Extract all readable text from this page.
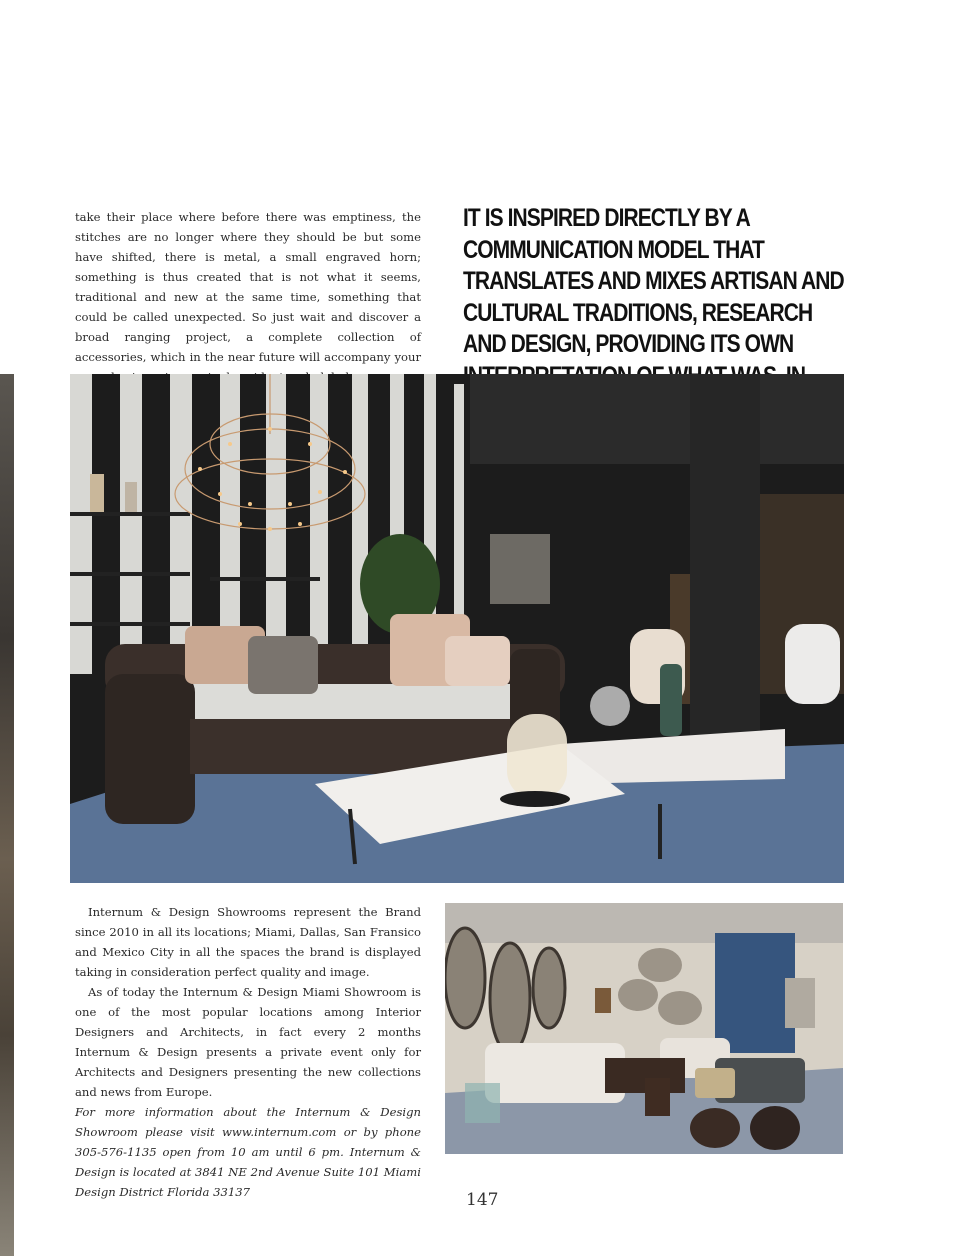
take their place where before there was emptiness, the stitches are no longer where they should be but some have shifted, there is metal, a small engraved horn; something is thus created that is not what it seems, traditional and new at the same time, something that could be called unexpected. So just wait and discover a broad ranging project, a complete collection of accessories, which in the near future will accompany your

IT IS INSPIRED DIRECTLY BY A COMMUNICATION MODEL THAT TRANSLATES AND MIXES ARTISAN AND CULTURAL TRADITIONS, RESEARCH AND DESIGN, PROVIDING ITS OWN

Internum & Design Showrooms represent the Brand since 2010 in all its locations; Miami, Dallas, San Fransico and Mexico City in all the spaces the brand is displayed taking in consideration perfect quality and image.

As of today the Internum & Design Miami Showroom is one of the most popular locations among Interior Designers and Architects, in fact every 2 months Internum & Design presents a private event only for Architects and Designers presenting the new collections and news from Europe.

For more information about the Internum & Design Showroom please visit www.internum.com or by phone 305-576-1135 open from 10 am until 6 pm. Internum & Design is located at 3841 NE 2nd Avenue Suite 101 Miami Design District Florida 33137	147
